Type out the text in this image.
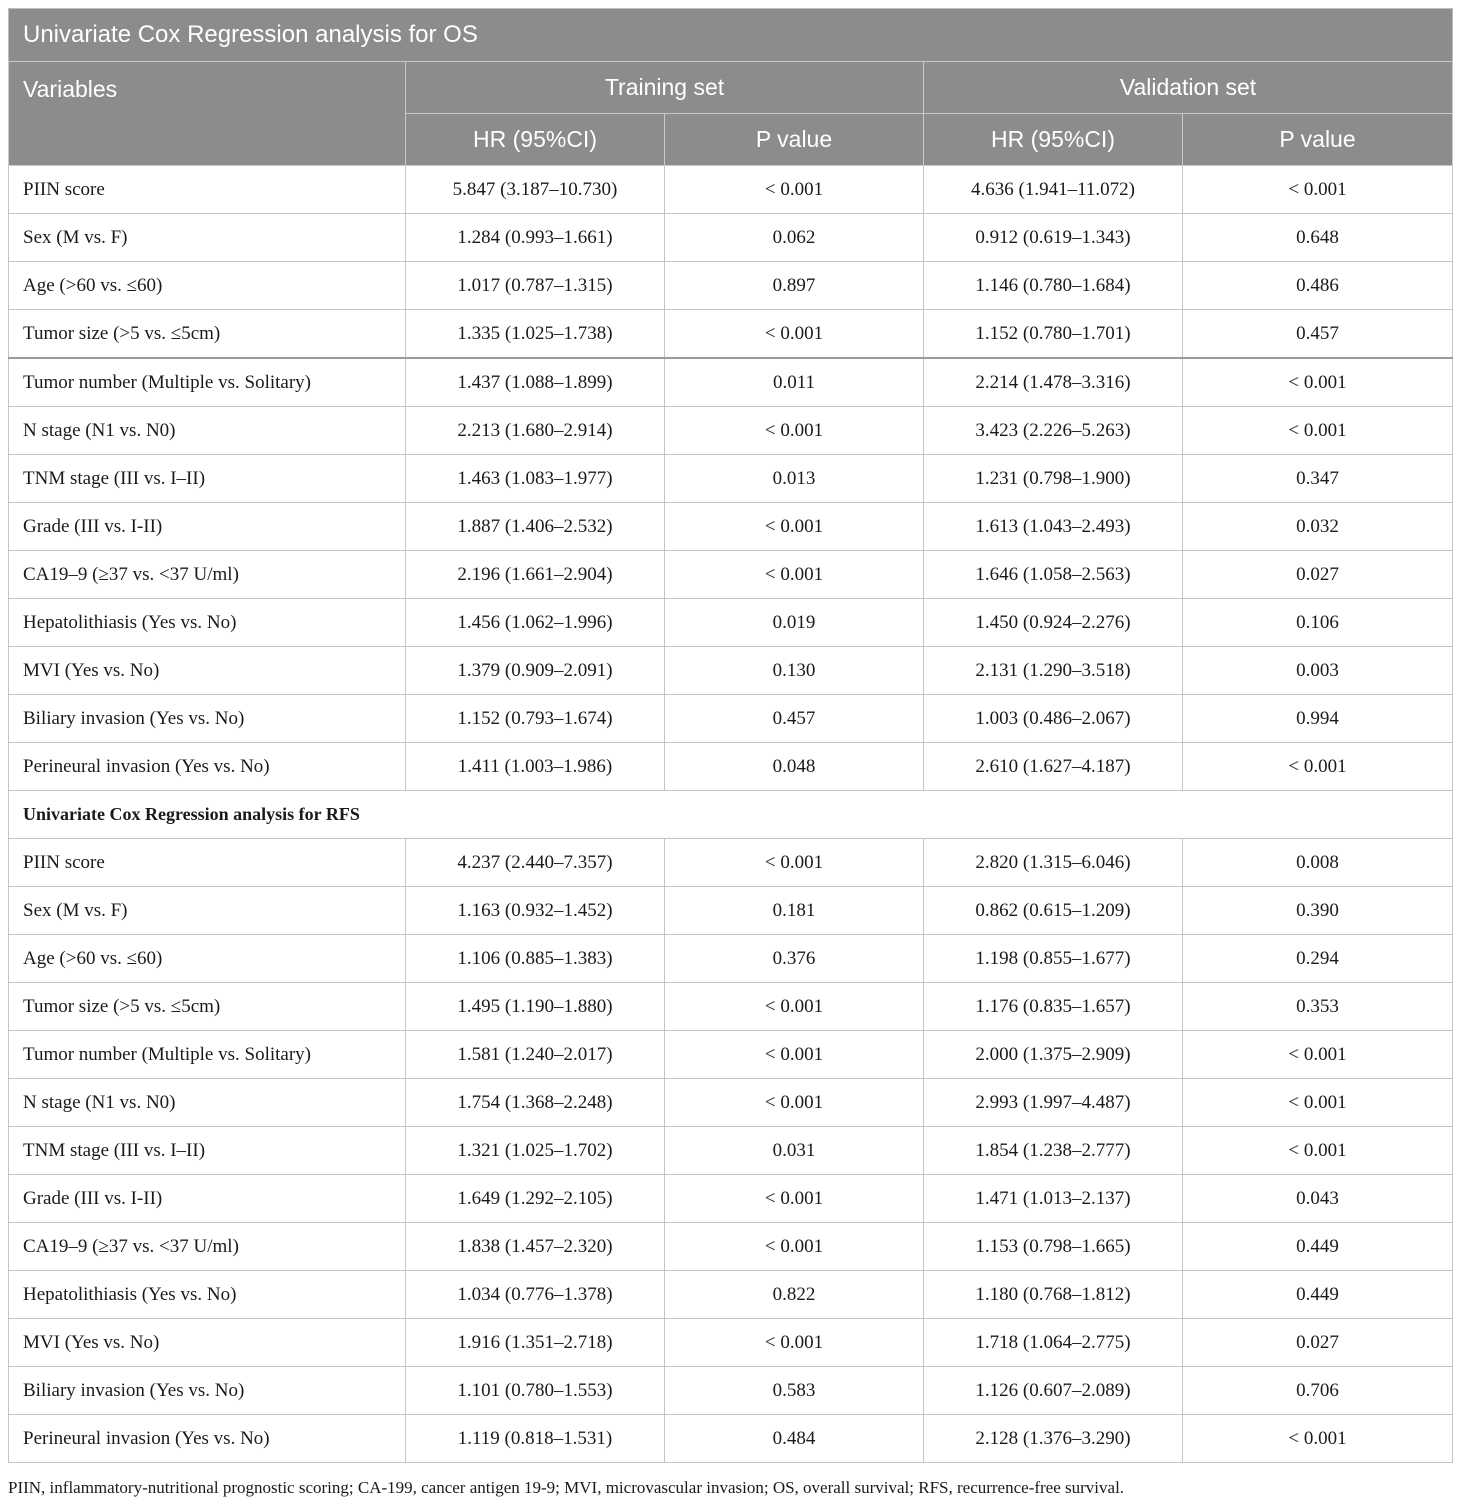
Univariate Cox Regression analysis for OS				
Variables	Training set		Validation set	
	HR (95%CI)	P value	HR (95%CI)	P value
PIIN score	5.847 (3.187–10.730)	< 0.001	4.636 (1.941–11.072)	< 0.001
Sex (M vs. F)	1.284 (0.993–1.661)	0.062	0.912 (0.619–1.343)	0.648
Age (>60 vs. ≤60)	1.017 (0.787–1.315)	0.897	1.146 (0.780–1.684)	0.486
Tumor size (>5 vs. ≤5cm)	1.335 (1.025–1.738)	< 0.001	1.152 (0.780–1.701)	0.457
Tumor number (Multiple vs. Solitary)	1.437 (1.088–1.899)	0.011	2.214 (1.478–3.316)	< 0.001
N stage (N1 vs. N0)	2.213 (1.680–2.914)	< 0.001	3.423 (2.226–5.263)	< 0.001
TNM stage (III vs. I–II)	1.463 (1.083–1.977)	0.013	1.231 (0.798–1.900)	0.347
Grade (III vs. I-II)	1.887 (1.406–2.532)	< 0.001	1.613 (1.043–2.493)	0.032
CA19–9 (≥37 vs. <37 U/ml)	2.196 (1.661–2.904)	< 0.001	1.646 (1.058–2.563)	0.027
Hepatolithiasis (Yes vs. No)	1.456 (1.062–1.996)	0.019	1.450 (0.924–2.276)	0.106
MVI (Yes vs. No)	1.379 (0.909–2.091)	0.130	2.131 (1.290–3.518)	0.003
Biliary invasion (Yes vs. No)	1.152 (0.793–1.674)	0.457	1.003 (0.486–2.067)	0.994
Perineural invasion (Yes vs. No)	1.411 (1.003–1.986)	0.048	2.610 (1.627–4.187)	< 0.001
Univariate Cox Regression analysis for RFS				
PIIN score	4.237 (2.440–7.357)	< 0.001	2.820 (1.315–6.046)	0.008
Sex (M vs. F)	1.163 (0.932–1.452)	0.181	0.862 (0.615–1.209)	0.390
Age (>60 vs. ≤60)	1.106 (0.885–1.383)	0.376	1.198 (0.855–1.677)	0.294
Tumor size (>5 vs. ≤5cm)	1.495 (1.190–1.880)	< 0.001	1.176 (0.835–1.657)	0.353
Tumor number (Multiple vs. Solitary)	1.581 (1.240–2.017)	< 0.001	2.000 (1.375–2.909)	< 0.001
N stage (N1 vs. N0)	1.754 (1.368–2.248)	< 0.001	2.993 (1.997–4.487)	< 0.001
TNM stage (III vs. I–II)	1.321 (1.025–1.702)	0.031	1.854 (1.238–2.777)	< 0.001
Grade (III vs. I-II)	1.649 (1.292–2.105)	< 0.001	1.471 (1.013–2.137)	0.043
CA19–9 (≥37 vs. <37 U/ml)	1.838 (1.457–2.320)	< 0.001	1.153 (0.798–1.665)	0.449
Hepatolithiasis (Yes vs. No)	1.034 (0.776–1.378)	0.822	1.180 (0.768–1.812)	0.449
MVI (Yes vs. No)	1.916 (1.351–2.718)	< 0.001	1.718 (1.064–2.775)	0.027
Biliary invasion (Yes vs. No)	1.101 (0.780–1.553)	0.583	1.126 (0.607–2.089)	0.706
Perineural invasion (Yes vs. No)	1.119 (0.818–1.531)	0.484	2.128 (1.376–3.290)	< 0.001
PIIN, inflammatory-nutritional prognostic scoring; CA-199, cancer antigen 19-9; MVI, microvascular invasion; OS, overall survival; RFS, recurrence-free survival.
